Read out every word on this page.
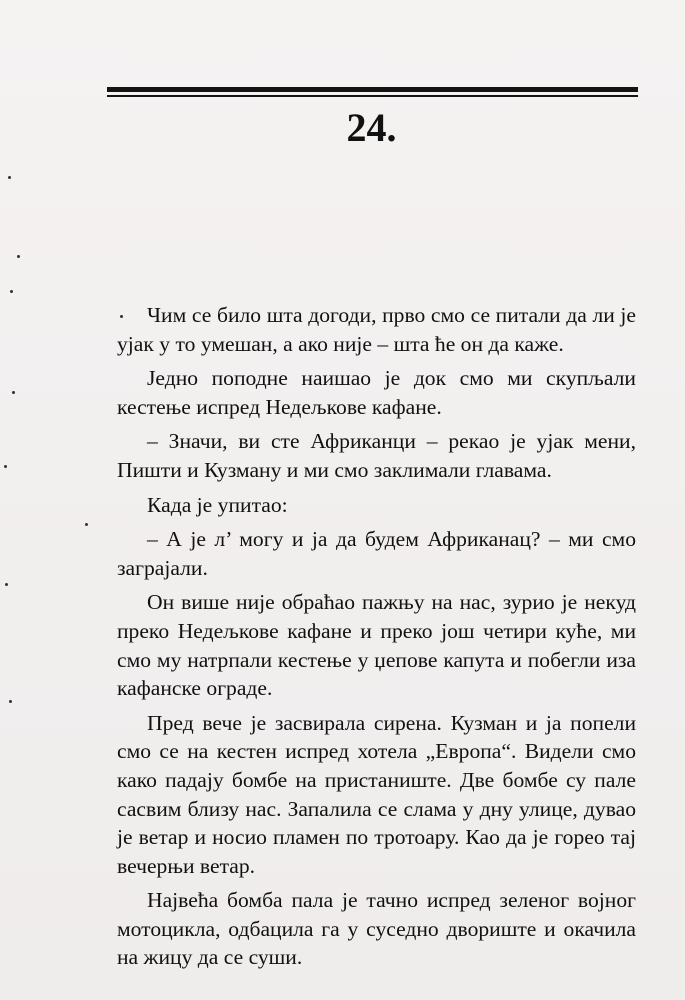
24.

Чим се било шта догоди, прво смо се питали да ли је ујак у то умешан, а ако није – шта ће он да каже.

Једно поподне наишао је док смо ми скупљали кестење испред Недељкове кафане.

– Значи, ви сте Африканци – рекао је ујак мени, Пишти и Кузману и ми смо заклимали главама.

Када је упитао:

– А је л’ могу и ја да будем Африканац? – ми смо заграјали.

Он више није обраћао пажњу на нас, зурио је некуд преко Недељкове кафане и преко још четири куће, ми смо му натрпали кестење у џепове капута и побегли иза кафанске ограде.

Пред вече је засвирала сирена. Кузман и ја попели смо се на кестен испред хотела „Европа“. Видели смо како падају бомбе на пристаниште. Две бомбе су пале сасвим близу нас. Запалила се слама у дну улице, дувао је ветар и носио пламен по тротоару. Као да је горео тај вечерњи ветар.

Највећа бомба пала је тачно испред зеленог војног мотоцикла, одбацила га у суседно двориште и окачила на жицу да се суши.
